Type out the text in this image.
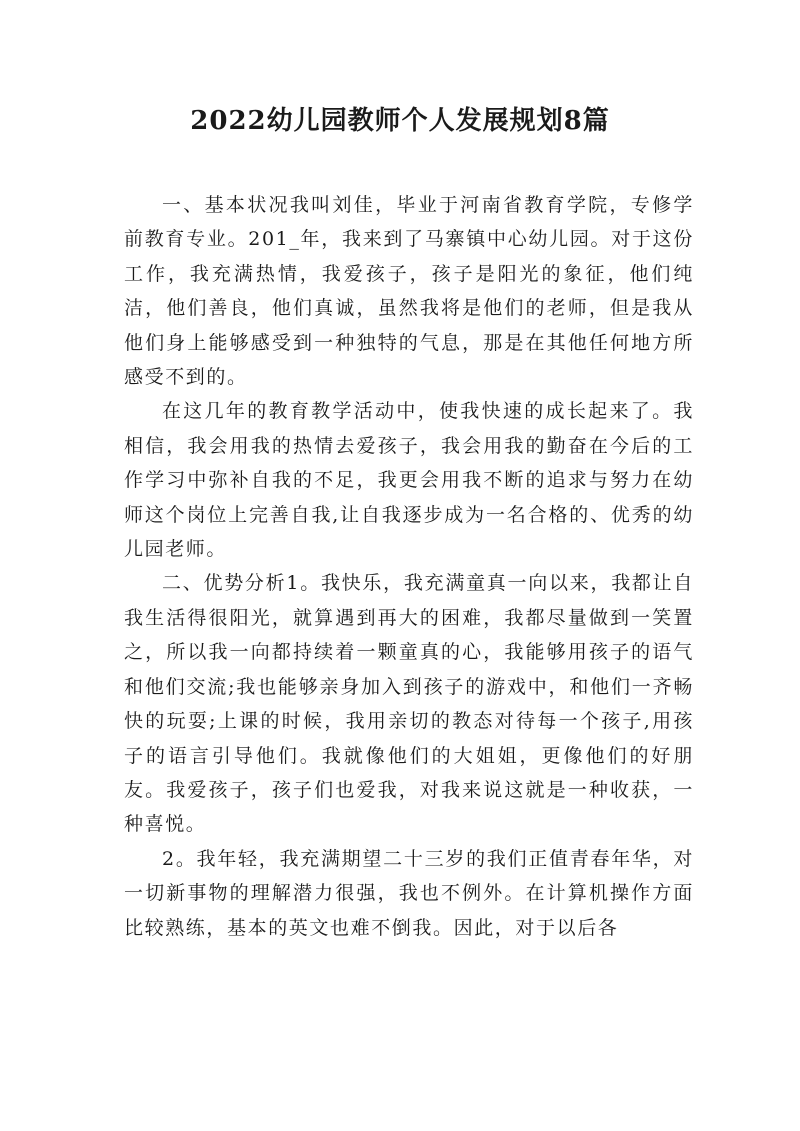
2022幼儿园教师个人发展规划8篇

一、基本状况我叫刘佳，毕业于河南省教育学院，专修学前教育专业。201_年，我来到了马寨镇中心幼儿园。对于这份工作，我充满热情，我爱孩子，孩子是阳光的象征，他们纯洁，他们善良，他们真诚，虽然我将是他们的老师，但是我从他们身上能够感受到一种独特的气息，那是在其他任何地方所感受不到的。

在这几年的教育教学活动中，使我快速的成长起来了。我相信，我会用我的热情去爱孩子，我会用我的勤奋在今后的工作学习中弥补自我的不足，我更会用我不断的追求与努力在幼师这个岗位上完善自我,让自我逐步成为一名合格的、优秀的幼儿园老师。

二、优势分析1。我快乐，我充满童真一向以来，我都让自我生活得很阳光，就算遇到再大的困难，我都尽量做到一笑置之，所以我一向都持续着一颗童真的心，我能够用孩子的语气和他们交流;我也能够亲身加入到孩子的游戏中，和他们一齐畅快的玩耍;上课的时候，我用亲切的教态对待每一个孩子,用孩子的语言引导他们。我就像他们的大姐姐，更像他们的好朋友。我爱孩子，孩子们也爱我，对我来说这就是一种收获，一种喜悦。

2。我年轻，我充满期望二十三岁的我们正值青春年华，对一切新事物的理解潜力很强，我也不例外。在计算机操作方面比较熟练，基本的英文也难不倒我。因此，对于以后各
